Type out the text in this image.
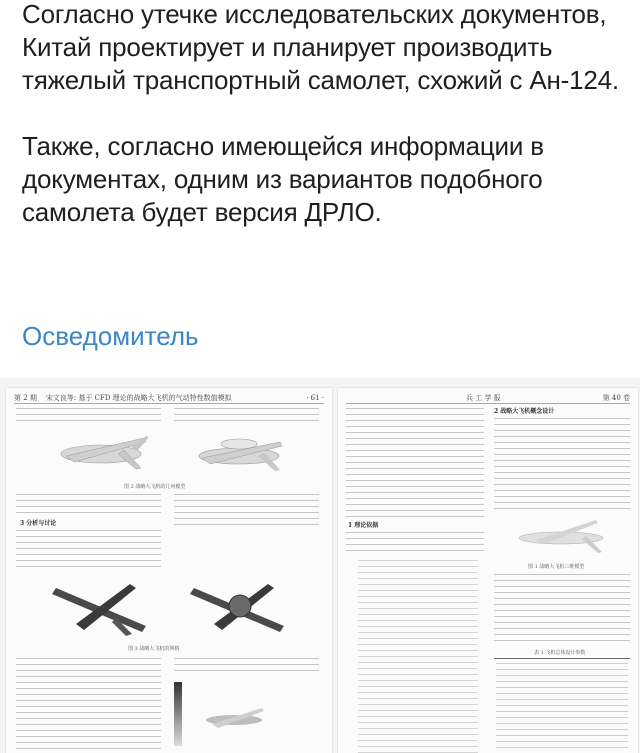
Согласно утечке исследовательских документов, Китай проектирует и планирует производить тяжелый транспортный самолет, схожий с Ан-124.

Также, согласно имеющейся информации в документах, одним из вариантов подобного самолета будет версия ДРЛО.

Осведомитель
第 2 期 宋文良等: 基于 CFD 理论的战略大飞机的气动特性数值模拟	· 61 ·
图 2 战略大飞机的几何模型
3 分析与讨论
图 3 战略大飞机的网格
兵 工 学 报	第 40 卷
2 战略大飞机概念设计
1 理论依据
图 1 战略大飞机三维模型
表 1 飞机总体设计参数
